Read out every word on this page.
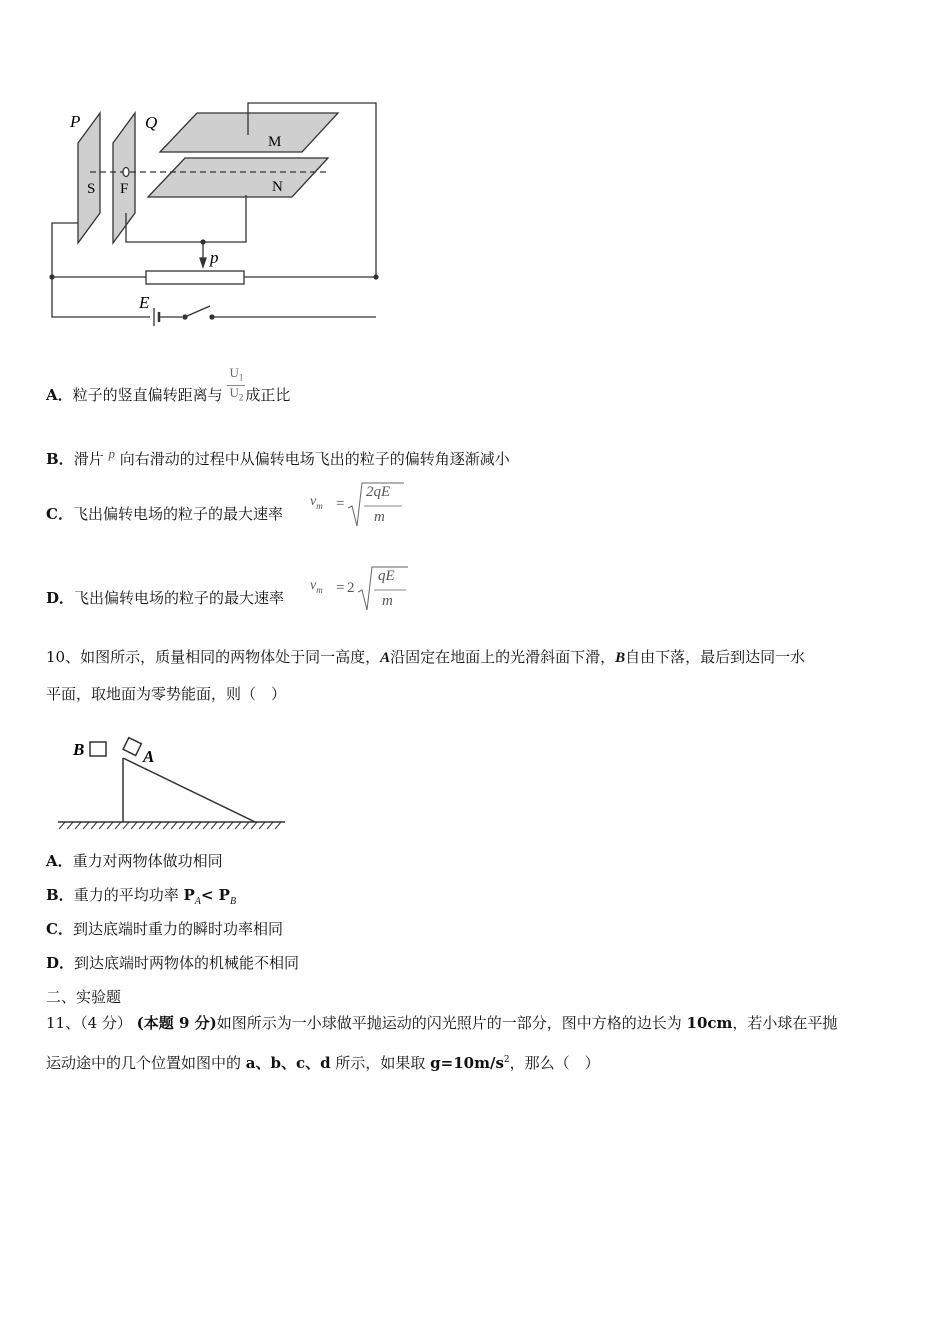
P	Q
M
N
S F
p
E
A．粒子的竖直偏转距离与 $\frac{U_1}{U_2}$ 成正比
B．滑片 p 向右滑动的过程中从偏转电场飞出的粒子的偏转角逐渐减小
C．飞出偏转电场的粒子的最大速率
$v_m$ =
2qE
m
D．飞出偏转电场的粒子的最大速率
$v_m = 2$
qE
m
10、如图所示，质量相同的两物体处于同一高度，A沿固定在地面上的光滑斜面下滑，B自由下落，最后到达同一水
平面，取地面为零势能面，则（　）
B	A
A．重力对两物体做功相同
B．重力的平均功率 $P_A< P_B$
C．到达底端时重力的瞬时功率相同
D．到达底端时两物体的机械能不相同
二、实验题
11、（4 分） (本题 9 分)如图所示为一小球做平抛运动的闪光照片的一部分，图中方格的边长为 10cm，若小球在平抛
运动途中的几个位置如图中的 a、b、c、d 所示，如果取 $g=10m/s^2$，那么（　）
